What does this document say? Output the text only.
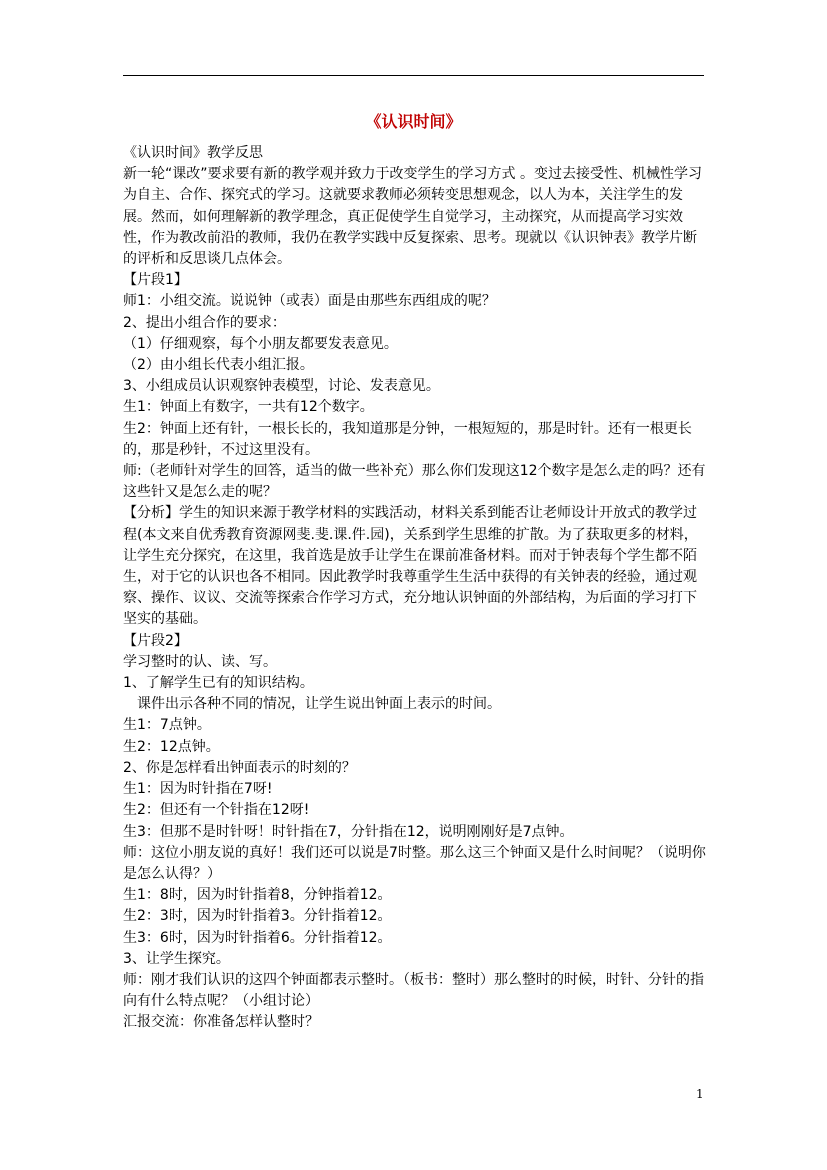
《认识时间》

《认识时间》教学反思

新一轮“课改”要求要有新的教学观并致力于改变学生的学习方式 。变过去接受性、机械性学习为自主、合作、探究式的学习。这就要求教师必须转变思想观念，以人为本，关注学生的发展。然而，如何理解新的教学理念，真正促使学生自觉学习，主动探究，从而提高学习实效性，作为教改前沿的教师，我仍在教学实践中反复探索、思考。现就以《认识钟表》教学片断的评析和反思谈几点体会。

【片段1】

师1：小组交流。说说钟（或表）面是由那些东西组成的呢？

2、提出小组合作的要求：

（1）仔细观察，每个小朋友都要发表意见。

（2）由小组长代表小组汇报。

3、小组成员认识观察钟表模型，讨论、发表意见。

生1：钟面上有数字，一共有12个数字。

生2：钟面上还有针，一根长长的，我知道那是分钟，一根短短的，那是时针。还有一根更长的，那是秒针，不过这里没有。

师:（老师针对学生的回答，适当的做一些补充）那么你们发现这12个数字是怎么走的吗？还有这些针又是怎么走的呢？

【分析】学生的知识来源于教学材料的实践活动，材料关系到能否让老师设计开放式的教学过程(本文来自优秀教育资源网斐.斐.课.件.园)，关系到学生思维的扩散。为了获取更多的材料，让学生充分探究，在这里，我首选是放手让学生在课前准备材料。而对于钟表每个学生都不陌生，对于它的认识也各不相同。因此教学时我尊重学生生活中获得的有关钟表的经验，通过观察、操作、议议、交流等探索合作学习方式，充分地认识钟面的外部结构，为后面的学习打下坚实的基础。

【片段2】

学习整时的认、读、写。

1、了解学生已有的知识结构。

课件出示各种不同的情况，让学生说出钟面上表示的时间。

生1：7点钟。

生2：12点钟。

2、你是怎样看出钟面表示的时刻的？

生1：因为时针指在7呀!

生2：但还有一个针指在12呀!

生3：但那不是时针呀！时针指在7，分针指在12，说明刚刚好是7点钟。

师：这位小朋友说的真好！我们还可以说是7时整。那么这三个钟面又是什么时间呢？（说明你是怎么认得？）

生1：8时，因为时针指着8，分钟指着12。

生2：3时，因为时针指着3。分针指着12。

生3：6时，因为时针指着6。分针指着12。

3、让学生探究。

师：刚才我们认识的这四个钟面都表示整时。（板书：整时）那么整时的时候，时针、分针的指向有什么特点呢？（小组讨论）

汇报交流：你准备怎样认整时？

1
